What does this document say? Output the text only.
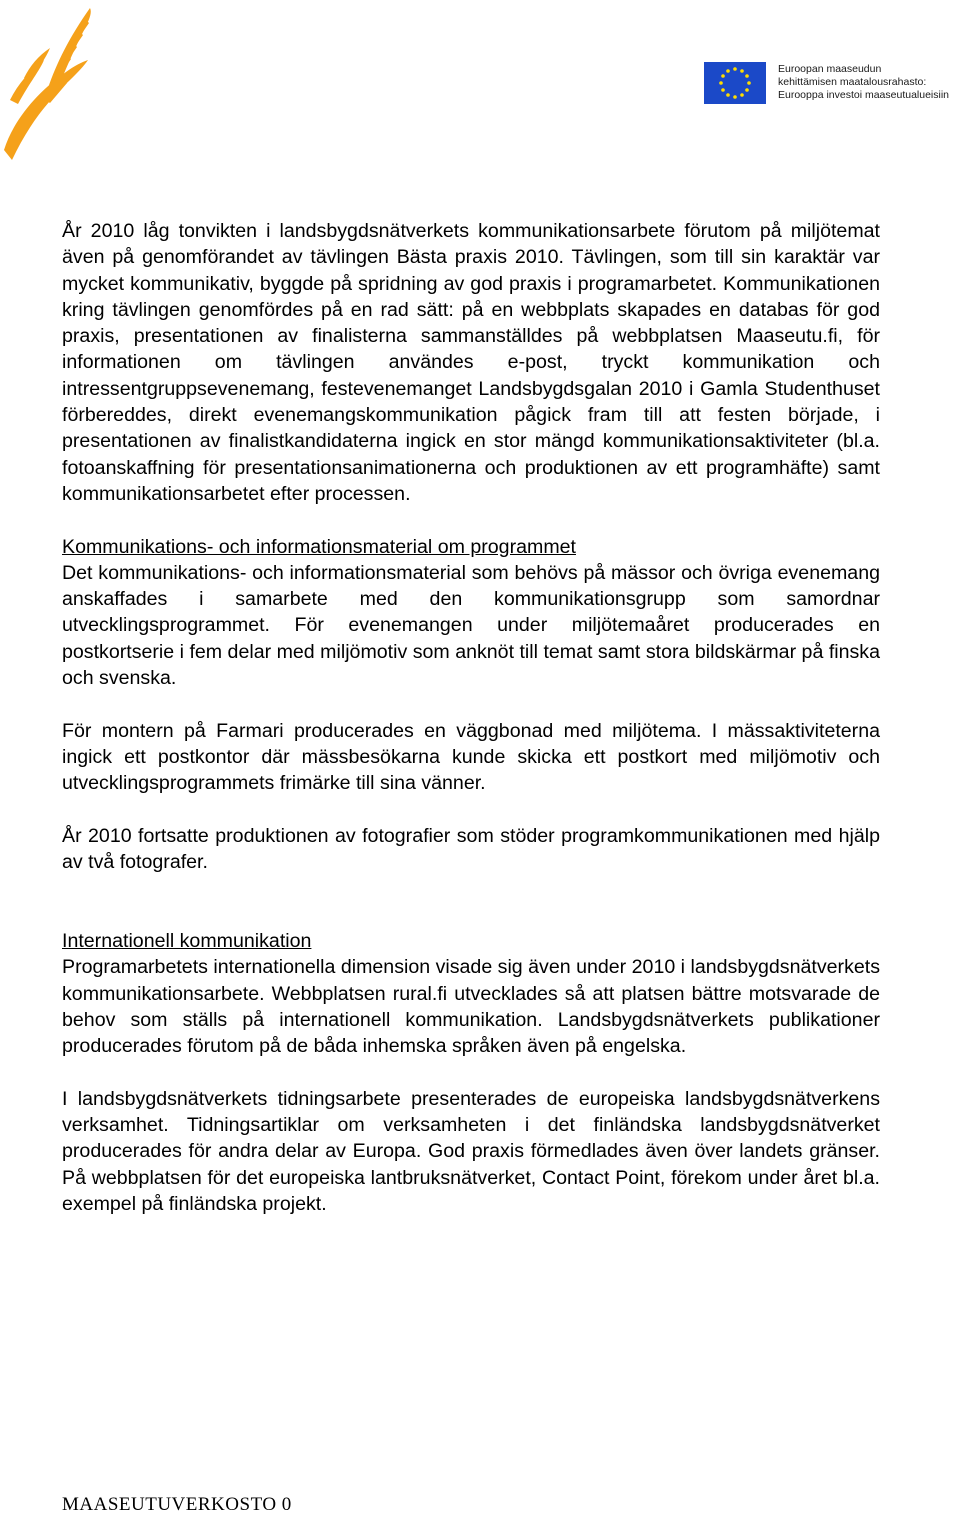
Euroopan maaseudun
kehittämisen maatalousrahasto:
Eurooppa investoi maaseutualueisiin

År 2010 låg tonvikten i landsbygdsnätverkets kommunikationsarbete förutom på miljötemat även på genomförandet av tävlingen Bästa praxis 2010. Tävlingen, som till sin karaktär var mycket kommunikativ, byggde på spridning av god praxis i programarbetet. Kommunikationen kring tävlingen genomfördes på en rad sätt: på en webbplats skapades en databas för god praxis, presentationen av finalisterna sammanställdes på webbplatsen Maaseutu.fi, för informationen om tävlingen användes e-post, tryckt kommunikation och intressentgruppsevenemang, festevenemanget Landsbygdsgalan 2010 i Gamla Studenthuset förbereddes, direkt evenemangskommunikation pågick fram till att festen började, i presentationen av finalistkandidaterna ingick en stor mängd kommunikationsaktiviteter (bl.a. fotoanskaffning för presentationsanimationerna och produktionen av ett programhäfte) samt kommunikationsarbetet efter processen.

Kommunikations- och informationsmaterial om programmet

Det kommunikations- och informationsmaterial som behövs på mässor och övriga evenemang anskaffades i samarbete med den kommunikationsgrupp som samordnar utvecklingsprogrammet. För evenemangen under miljötemaåret producerades en postkortserie i fem delar med miljömotiv som anknöt till temat samt stora bildskärmar på finska och svenska.

För montern på Farmari producerades en väggbonad med miljötema. I mässaktiviteterna ingick ett postkontor där mässbesökarna kunde skicka ett postkort med miljömotiv och utvecklingsprogrammets frimärke till sina vänner.

År 2010 fortsatte produktionen av fotografier som stöder programkommunikationen med hjälp av två fotografer.

Internationell kommunikation

Programarbetets internationella dimension visade sig även under 2010 i landsbygdsnätverkets kommunikationsarbete. Webbplatsen rural.fi utvecklades så att platsen bättre motsvarade de behov som ställs på internationell kommunikation. Landsbygdsnätverkets publikationer producerades förutom på de båda inhemska språken även på engelska.

I landsbygdsnätverkets tidningsarbete presenterades de europeiska landsbygdsnätverkens verksamhet. Tidningsartiklar om verksamheten i det finländska landsbygdsnätverket producerades för andra delar av Europa. God praxis förmedlades även över landets gränser. På webbplatsen för det europeiska lantbruksnätverket, Contact Point, förekom under året bl.a. exempel på finländska projekt.

MAASEUTUVERKOSTO 0
